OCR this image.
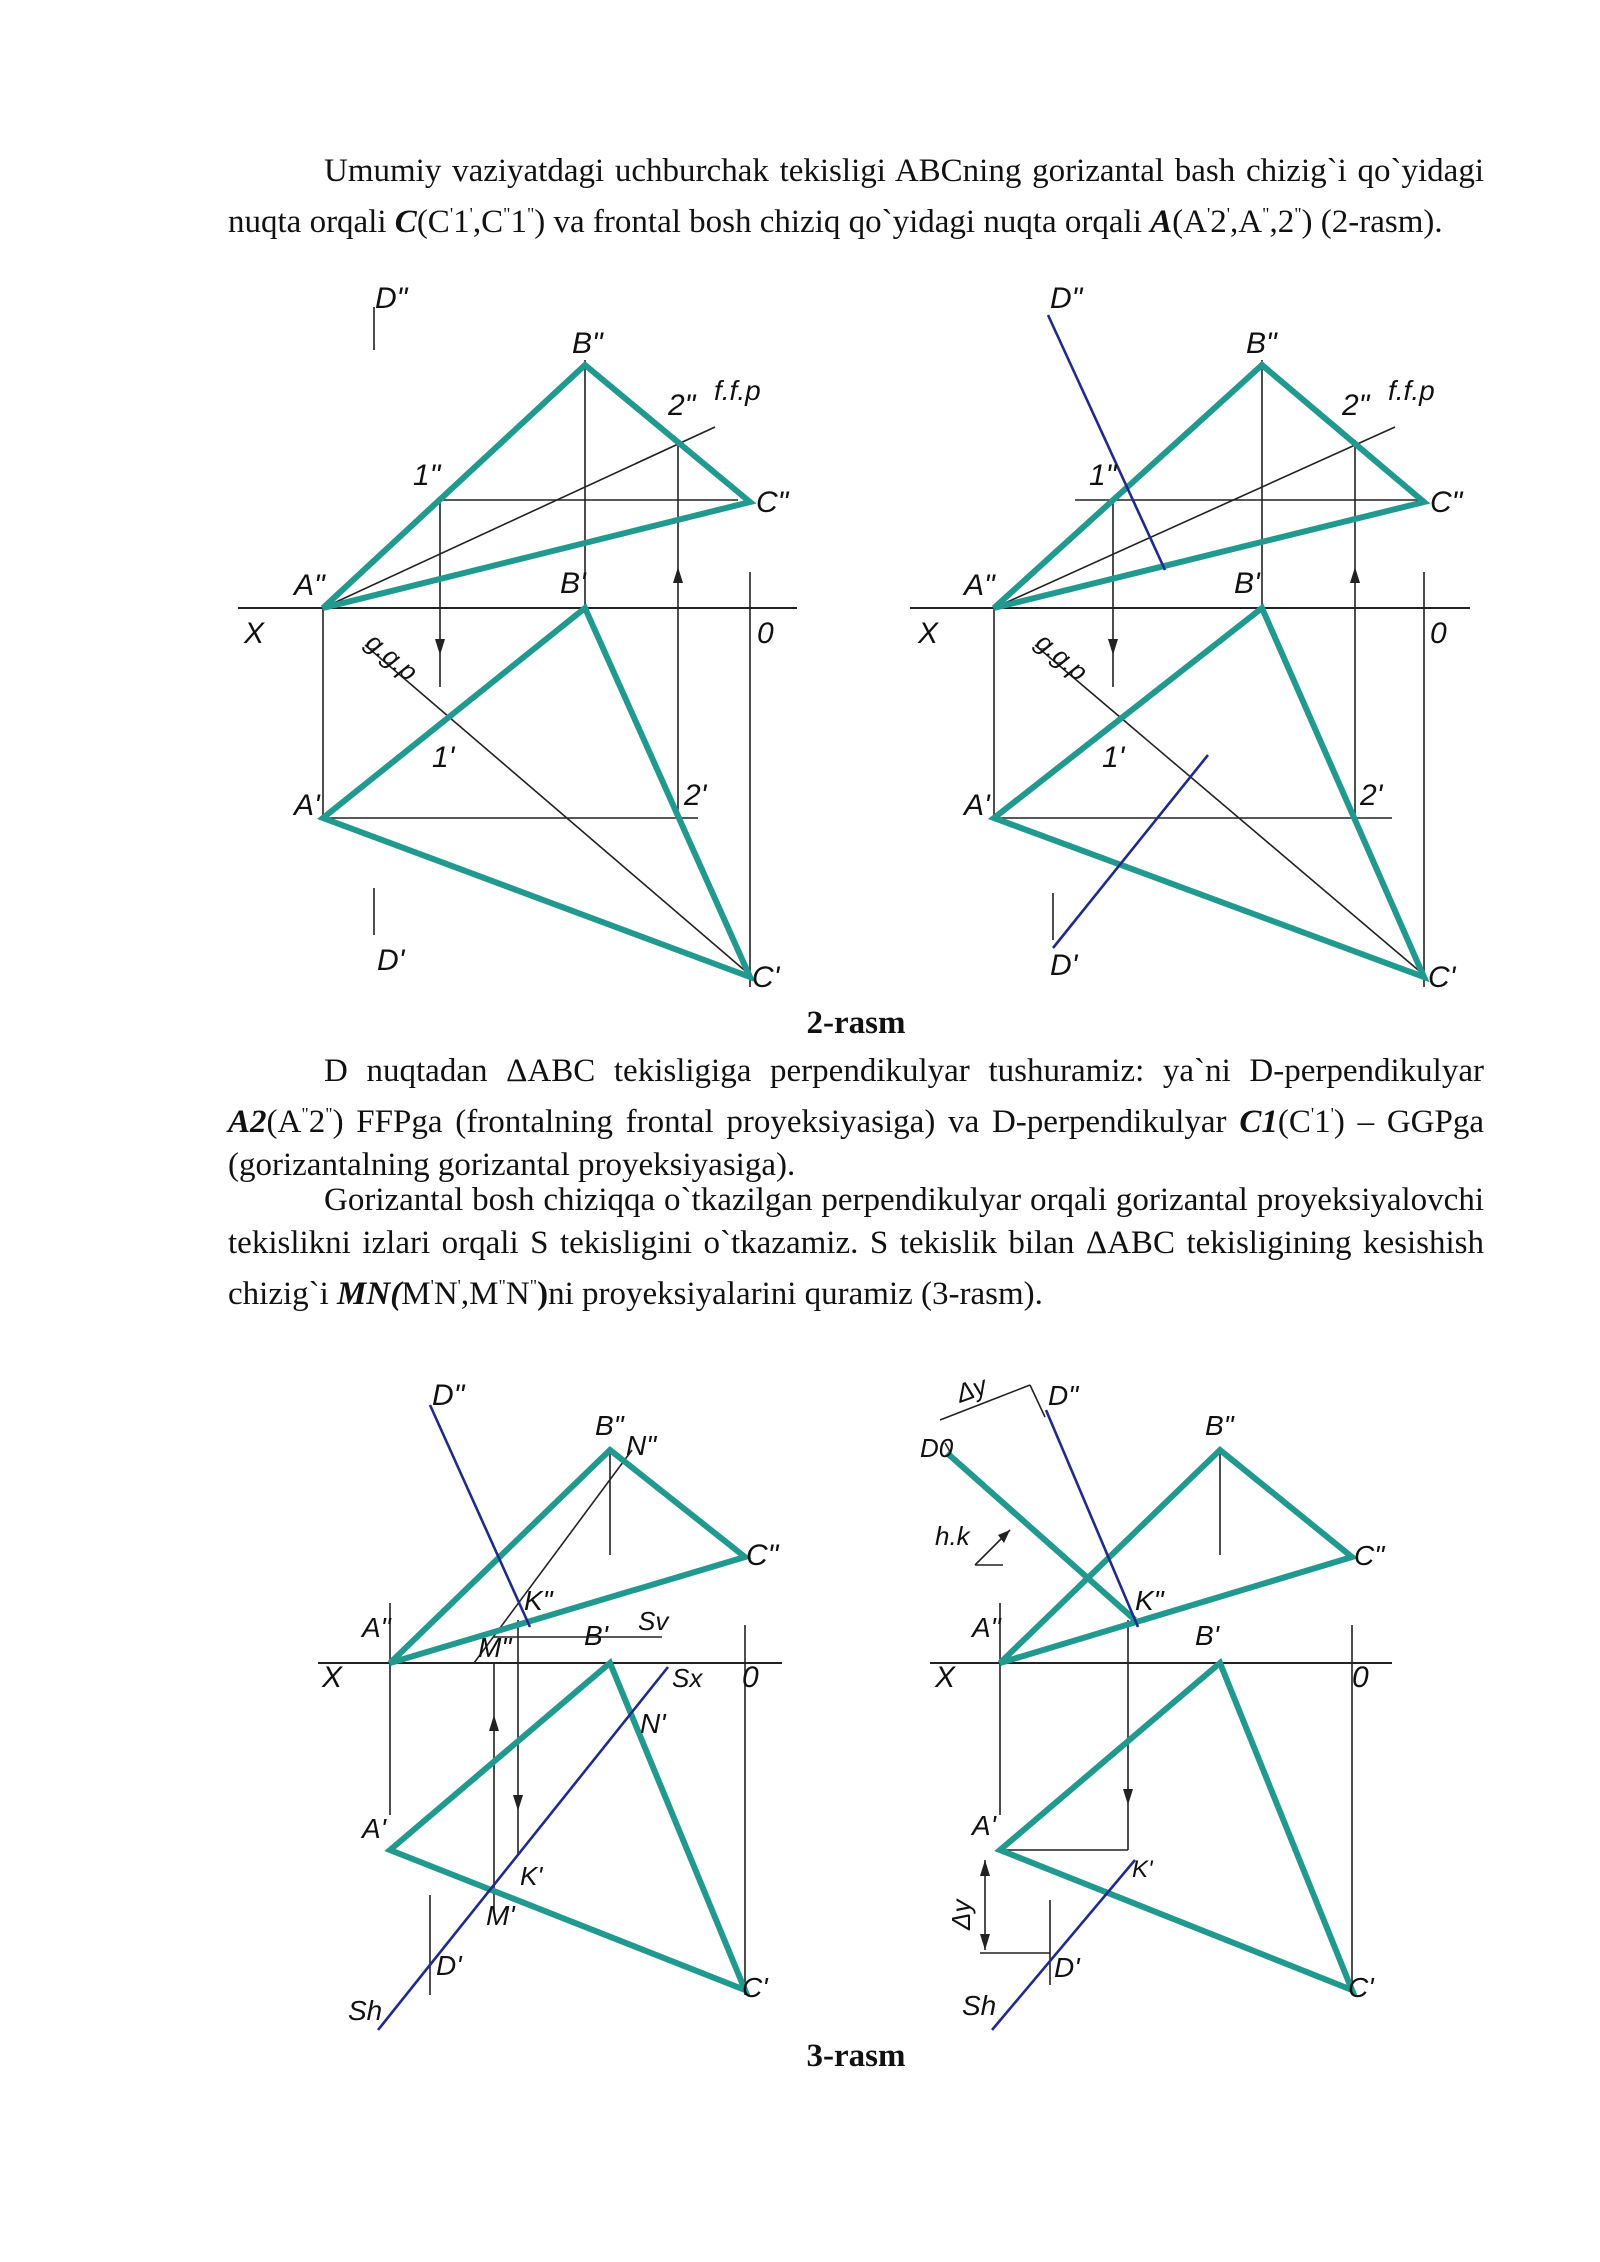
Umumiy vaziyatdagi uchburchak tekisligi ABCning gorizantal bash chizig`i qo`yidagi nuqta orqali C(C'1',C"1") va frontal bosh chiziq qo`yidagi nuqta orqali A(A'2',A",2") (2-rasm).

D"
B"
2" f.f.p
1"
C"
A"	B'
X	0
g.g.p
1'
2'
A'
D'
C'
D"
B"
2" f.f.p
1"
C"
A"	B'
X	0
g.g.p
1'
2'
A'
D'	C'
2-rasm

D nuqtadan ΔABC tekisligiga perpendikulyar tushuramiz: ya`ni D-perpendikulyar A2(A"2") FFPga (frontalning frontal proyeksiyasiga) va D-perpendikulyar C1(C'1') – GGPga (gorizantalning gorizantal proyeksiyasiga).

Gorizantal bosh chiziqqa o`tkazilgan perpendikulyar orqali gorizantal proyeksiyalovchi tekislikni izlari orqali S tekisligini o`tkazamiz. S tekislik bilan ΔABC tekisligining kesishish chizig`i MN(M'N',M"N")ni proyeksiyalarini quramiz (3-rasm).

D"
B"
N"
C"
K"
A"
M"	B' Sv
Sx
X	0
N'
A'
K'
M'
D'
C'
Sh
Δy D"
D0
B"
h.k
C"
K"
A"	B'
X	0
A'
K'
Δy
D'
C'
Sh
3-rasm
